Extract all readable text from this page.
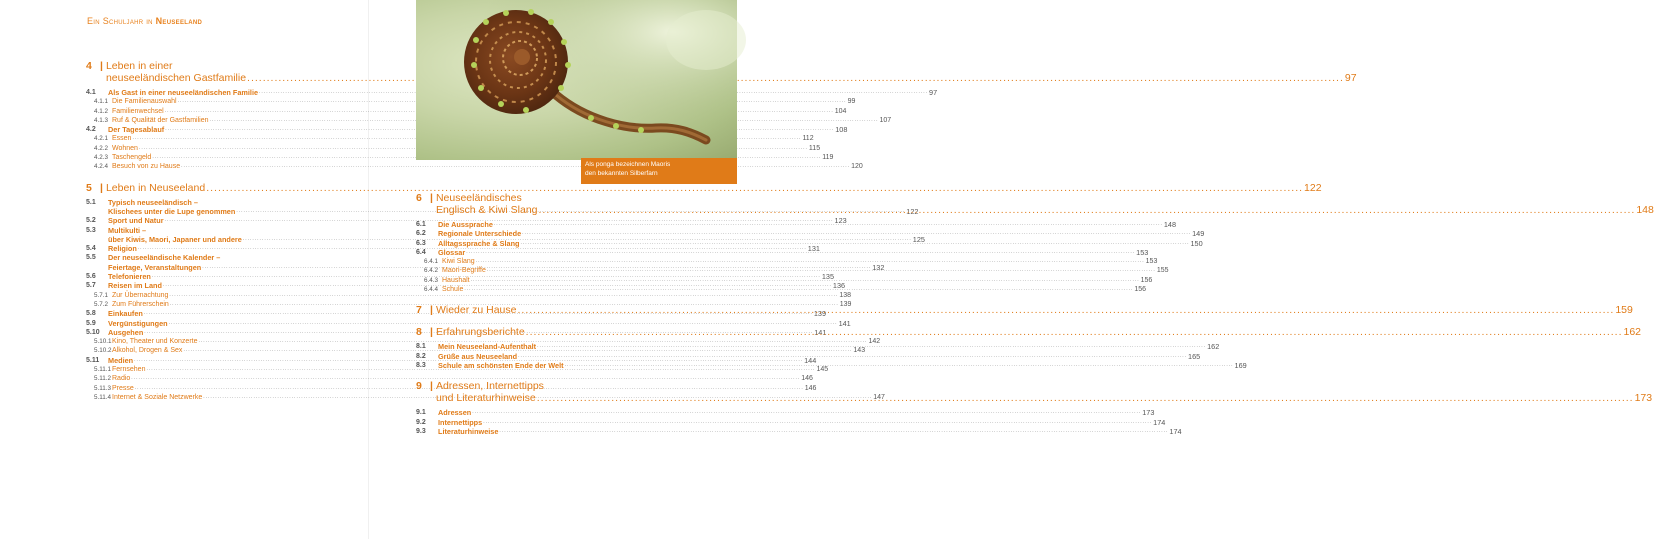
Ein Schuljahr in Neuseeland
4 | Leben in einer
neuseeländischen Gastfamilie .....	97
4.1	Als Gast in einer neuseeländischen Familie .....	97
4.1.1 Die Familienauswahl .....	99
4.1.2 Familienwechsel .....	104
4.1.3 Ruf & Qualität der Gastfamilien .....	107
4.2	Der Tagesablauf .....	108
4.2.1 Essen .....	112
4.2.2 Wohnen .....	115
4.2.3 Taschengeld .....	119
4.2.4 Besuch von zu Hause .....	120
5 | Leben in Neuseeland .....	122
5.1	Typisch neuseeländisch –
Klischees unter die Lupe genommen .....	122
5.2	Sport und Natur .....	123
5.3	Multikulti –
über Kiwis, Maori, Japaner und andere .....	125
5.4	Religion .....	131
5.5	Der neuseeländische Kalender –
Feiertage, Veranstaltungen .....	132
5.6	Telefonieren .....	135
5.7	Reisen im Land .....	136
5.7.1 Zur Übernachtung .....	138
5.7.2 Zum Führerschein .....	139
5.8	Einkaufen .....	139
5.9	Vergünstigungen .....	141
5.10	Ausgehen .....	141
5.10.1 Kino, Theater und Konzerte .....	142
5.10.2 Alkohol, Drogen & Sex .....	143
5.11	Medien .....	144
5.11.1 Fernsehen .....	145
5.11.2 Radio .....	146
5.11.3 Presse .....	146
5.11.4 Internet & Soziale Netzwerke .....	147
Als ponga bezeichnen Maoris
den bekannten Silberfarn
6 | Neuseeländisches
Englisch & Kiwi Slang .....	148
6.1	Die Aussprache .....	148
6.2	Regionale Unterschiede .....	149
6.3	Alltagssprache & Slang .....	150
6.4	Glossar .....	153
6.4.1 Kiwi Slang .....	153
6.4.2 Maori-Begriffe .....	155
6.4.3 Haushalt .....	156
6.4.4 Schule .....	156
7 | Wieder zu Hause .....	159
8 | Erfahrungsberichte .....	162
8.1	Mein Neuseeland-Aufenthalt .....	162
8.2	Grüße aus Neuseeland .....	165
8.3	Schule am schönsten Ende der Welt .....	169
9 | Adressen, Internettipps
und Literaturhinweise .....	173
9.1	Adressen .....	173
9.2	Internettipps .....	174
9.3	Literaturhinweise .....	174
